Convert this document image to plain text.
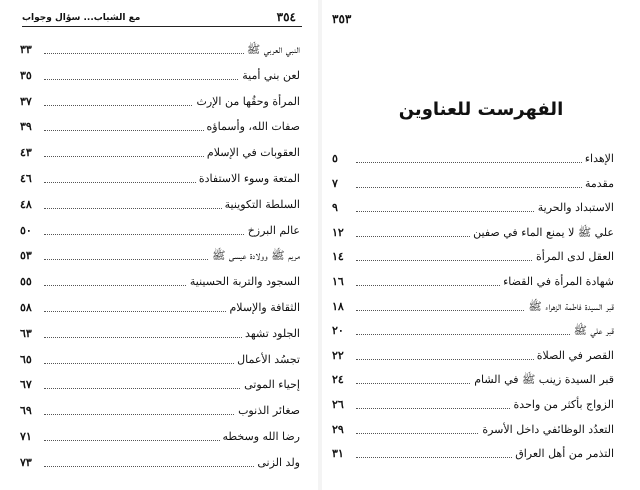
مع الشباب... سؤال وجواب	٣٥٤
٣٣	النبي العربي ﷺ
٣٥	لعن بني أمية
٣٧	المرأة وحقُها من الإرث
٣٩	صفات الله، وأسماؤه
٤٣	العقوبات في الإسلام
٤٦	المتعة وسوء الاستفادة
٤٨	السلطة التكوينية
٥٠	عالم البرزخ
٥٣	مريم ﷺ وولادة عيسى ﷺ
٥٥	السجود والتربة الحسينية
٥٨	الثقافة والإسلام
٦٣	الجلود تشهد
٦٥	تجسُد الأعمال
٦٧	إحياء الموتى
٦٩	صغائر الذنوب
٧١	رضا الله وسخطه
٧٣	ولد الزنى
٣٥٣
الفهرست للعناوين
٥	الإهداء
٧	مقدمة
٩	الاستبداد والحرية
١٢	علي ﷺ لا يمنع الماء في صفين
١٤	العقل لدى المرأة
١٦	شهادة المرأة في القضاء
١٨	قبر السيدة فاطمة الزهراء ﷺ
٢٠	قبر علي ﷺ
٢٢	القصر في الصلاة
٢٤	قبر السيدة زينب ﷺ في الشام
٢٦	الزواج بأكثر من واحدة
٢٩	التعدُد الوظائفي داخل الأسرة
٣١	التذمر من أهل العراق
